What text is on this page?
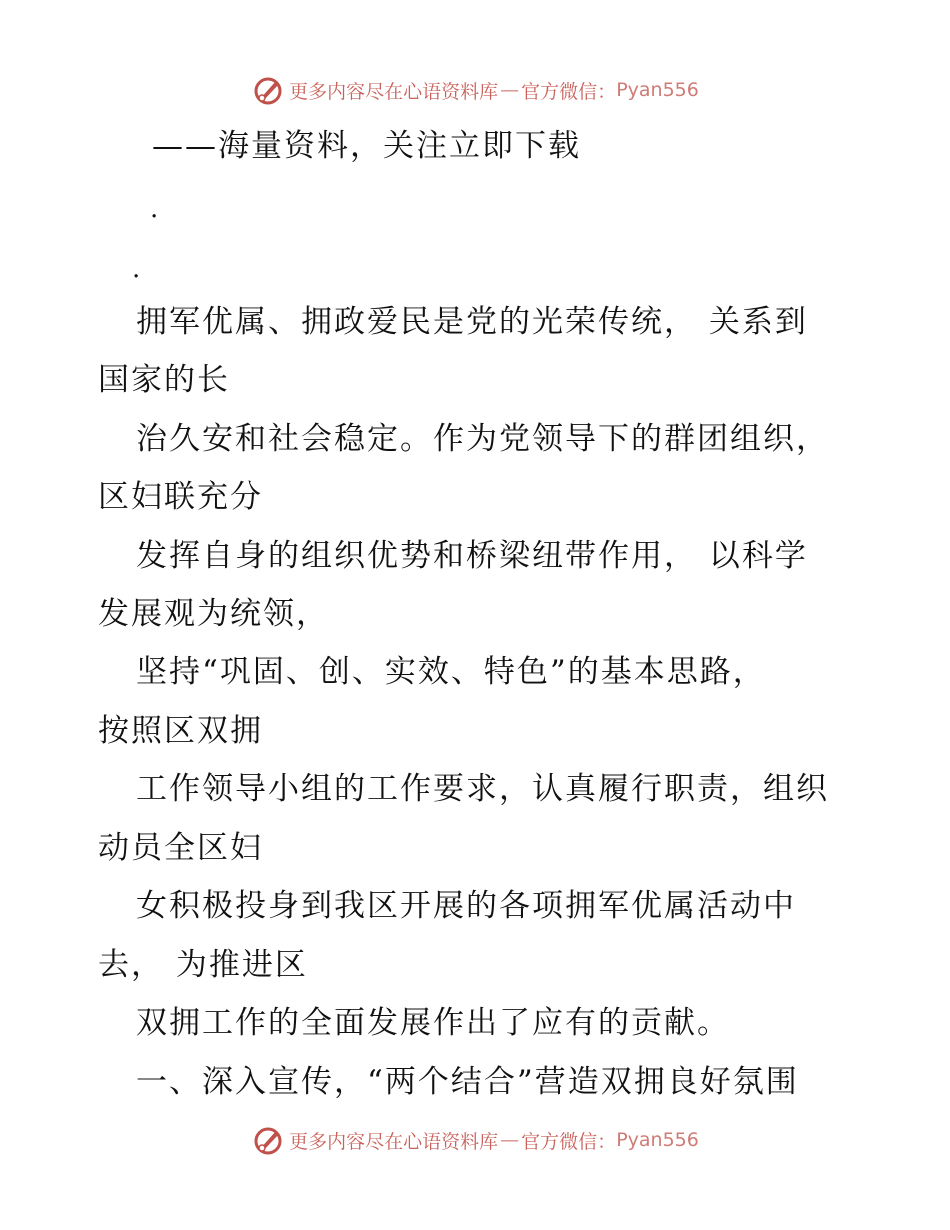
更多内容尽在心语资料库 — 官方微信： Pyan556
——海量资料，关注立即下载
.
.
拥军优属、拥政爱民是党的光荣传统， 关系到
国家的长
治久安和社会稳定。作为党领导下的群团组织，
区妇联充分
发挥自身的组织优势和桥梁纽带作用， 以科学
发展观为统领，
坚持“巩固、创、实效、特色”的基本思路，
按照区双拥
工作领导小组的工作要求，认真履行职责，组织
动员全区妇
女积极投身到我区开展的各项拥军优属活动中
去， 为推进区
双拥工作的全面发展作出了应有的贡献。
一、深入宣传，“两个结合”营造双拥良好氛围
更多内容尽在心语资料库 — 官方微信： Pyan556
